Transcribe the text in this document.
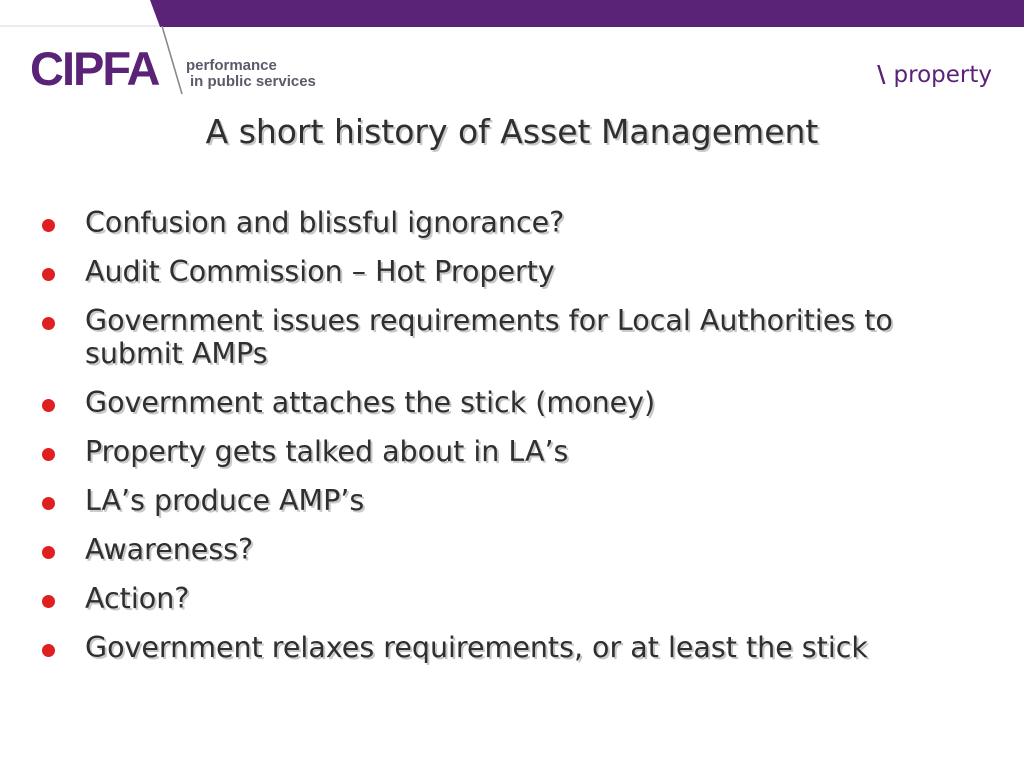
CIPFA performance
in public services	\ property
A short history of Asset Management
Confusion and blissful ignorance?
Audit Commission – Hot Property
Government issues requirements for Local Authorities to submit AMPs
Government attaches the stick (money)
Property gets talked about in LA’s
LA’s produce AMP’s
Awareness?
Action?
Government relaxes requirements, or at least the stick
